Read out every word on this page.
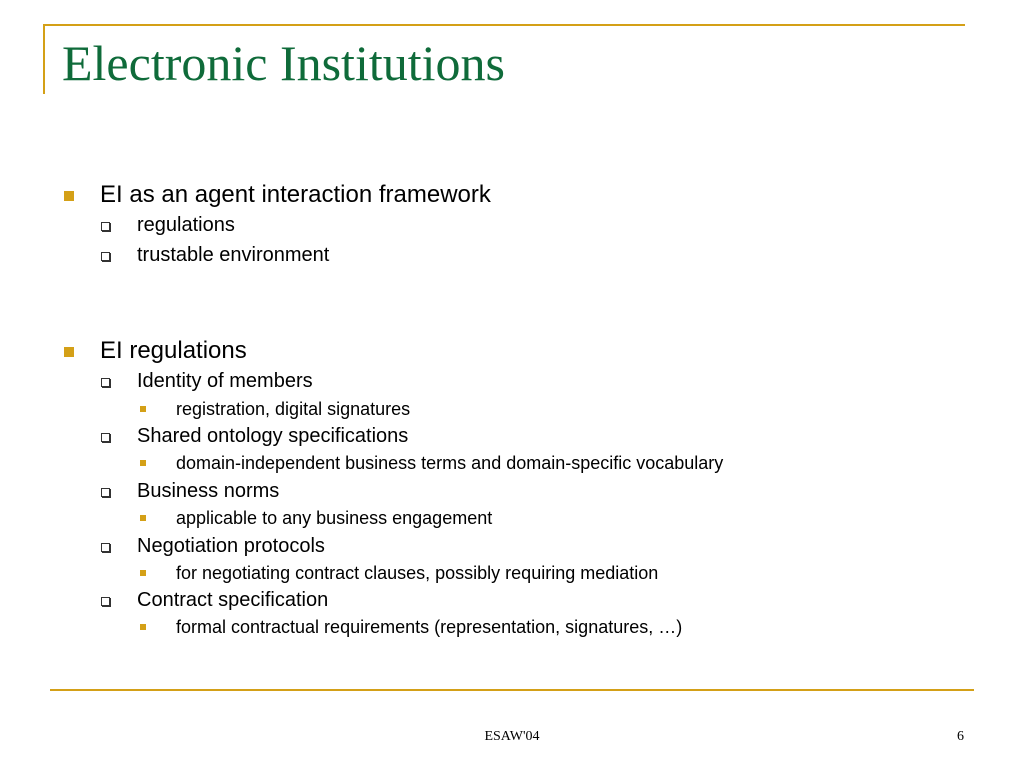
Electronic Institutions
EI as an agent interaction framework
regulations
trustable environment
EI regulations
Identity of members
registration, digital signatures
Shared ontology specifications
domain-independent business terms and domain-specific vocabulary
Business norms
applicable to any business engagement
Negotiation protocols
for negotiating contract clauses, possibly requiring mediation
Contract specification
formal contractual requirements (representation, signatures, …)
ESAW'04	6
